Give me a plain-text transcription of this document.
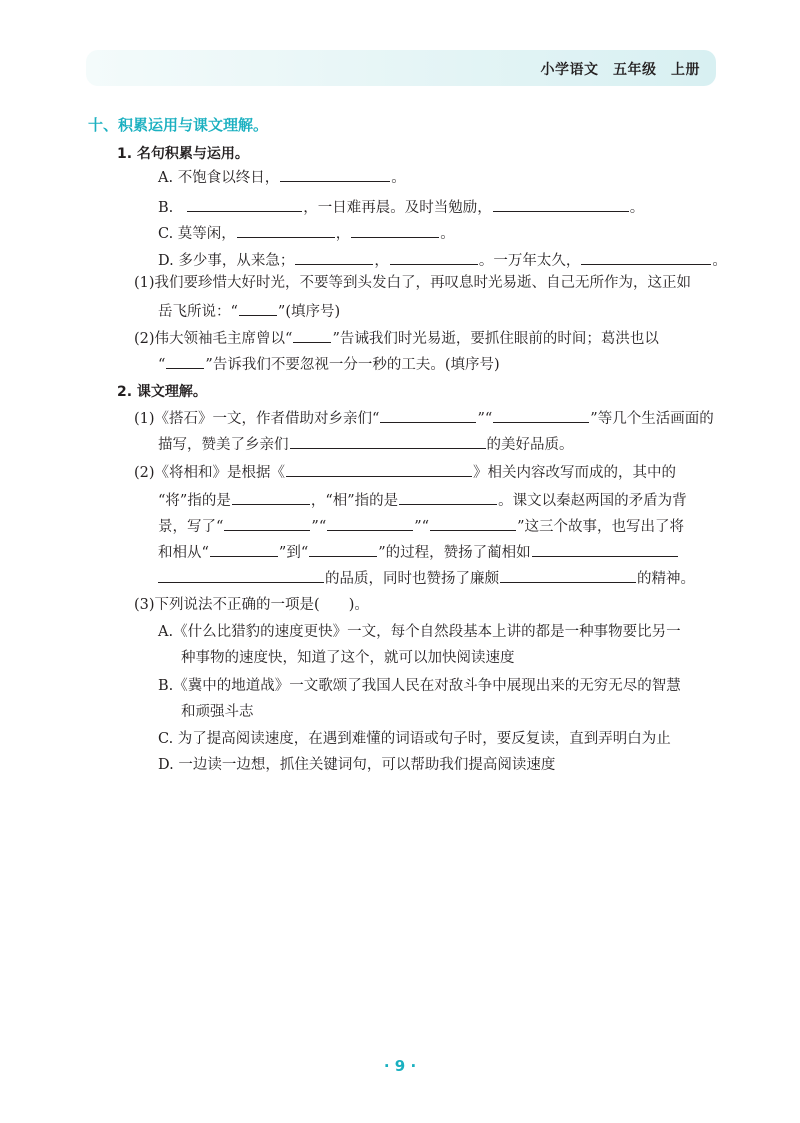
小学语文　五年级　上册
十、积累运用与课文理解。
1. 名句积累与运用。
A. 不饱食以终日，	。
B.	，一日难再晨。及时当勉励，	。
C. 莫等闲，	，	。
D. 多少事，从来急；	，	。一万年太久，	。
(1)我们要珍惜大好时光，不要等到头发白了，再叹息时光易逝、自己无所作为，这正如
岳飞所说：“	”(填序号)
(2)伟大领袖毛主席曾以“	”告诫我们时光易逝，要抓住眼前的时间；葛洪也以
“	”告诉我们不要忽视一分一秒的工夫。(填序号)
2. 课文理解。
(1)《搭石》一文，作者借助对乡亲们“	”“	”等几个生活画面的
描写，赞美了乡亲们	的美好品质。
(2)《将相和》是根据《	》相关内容改写而成的，其中的
“将”指的是	，“相”指的是	。课文以秦赵两国的矛盾为背
景，写了“	”“	”“	”这三个故事，也写出了将
和相从“	”到“	”的过程，赞扬了蔺相如
的品质，同时也赞扬了廉颇	的精神。
(3)下列说法不正确的一项是(　　)。
A.《什么比猎豹的速度更快》一文，每个自然段基本上讲的都是一种事物要比另一
种事物的速度快，知道了这个，就可以加快阅读速度
B.《冀中的地道战》一文歌颂了我国人民在对敌斗争中展现出来的无穷无尽的智慧
和顽强斗志
C. 为了提高阅读速度，在遇到难懂的词语或句子时，要反复读，直到弄明白为止
D. 一边读一边想，抓住关键词句，可以帮助我们提高阅读速度
· 9 ·
